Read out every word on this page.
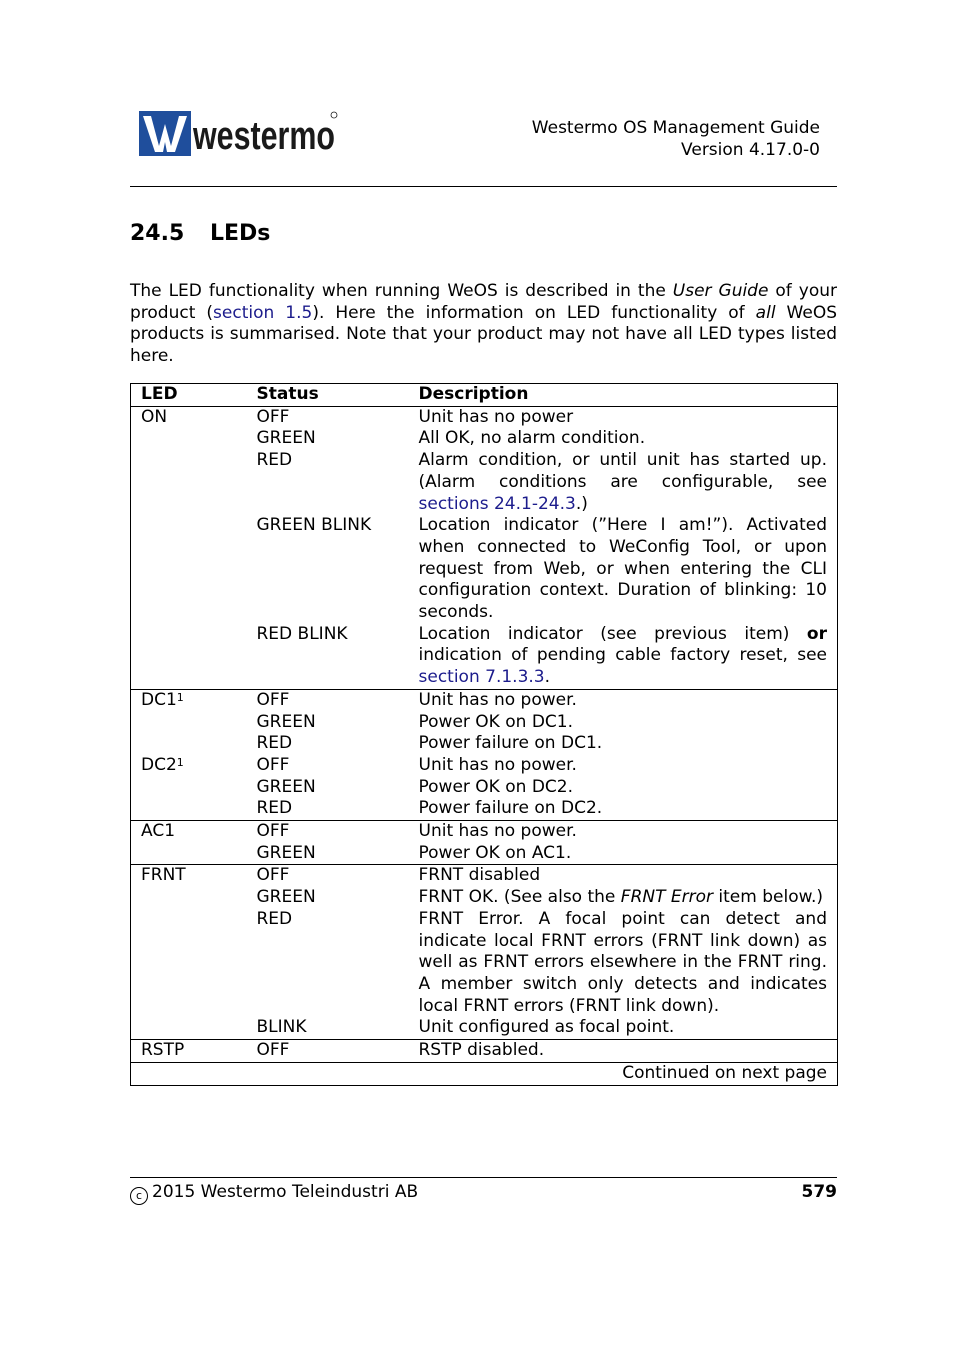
westermo	Westermo OS Management Guide
Version 4.17.0-0
24.5 LEDs
The LED functionality when running WeOS is described in the User Guide of your product (section 1.5). Here the information on LED functionality of all WeOS products is summarised. Note that your product may not have all LED types listed here.
LED	Status	Description
ON	OFF	Unit has no power
	GREEN	All OK, no alarm condition.
	RED	Alarm condition, or until unit has started up. (Alarm conditions are configurable, see sections 24.1-24.3.)
	GREEN BLINK	Location indicator (”Here I am!”). Activated when connected to WeConfig Tool, or upon request from Web, or when entering the CLI configuration context. Duration of blinking: 10 seconds.
	RED BLINK	Location indicator (see previous item) or indication of pending cable factory reset, see section 7.1.3.3.
$DC1^1$	OFF	Unit has no power.
	GREEN	Power OK on DC1.
	RED	Power failure on DC1.
$DC2^1$	OFF	Unit has no power.
	GREEN	Power OK on DC2.
	RED	Power failure on DC2.
AC1	OFF	Unit has no power.
	GREEN	Power OK on AC1.
FRNT	OFF	FRNT disabled
	GREEN	FRNT OK. (See also the FRNT Error item below.)
	RED	FRNT Error. A focal point can detect and indicate local FRNT errors (FRNT link down) as well as FRNT errors elsewhere in the FRNT ring. A member switch only detects and indicates local FRNT errors (FRNT link down).
	BLINK	Unit configured as focal point.
RSTP	OFF	RSTP disabled.
Continued on next page		
c 2015 Westermo Teleindustri AB	579
